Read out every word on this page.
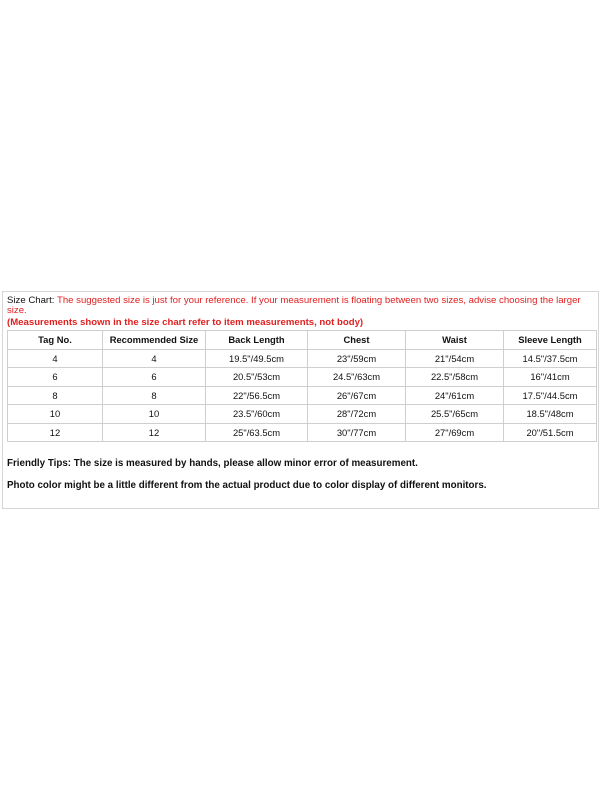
Size Chart: The suggested size is just for your reference. If your measurement is floating between two sizes, advise choosing the larger size.
(Measurements shown in the size chart refer to item measurements, not body)
Tag No.	Recommended Size	Back Length	Chest	Waist	Sleeve Length
4	4	19.5"/49.5cm	23"/59cm	21"/54cm	14.5"/37.5cm
6	6	20.5"/53cm	24.5"/63cm	22.5"/58cm	16"/41cm
8	8	22"/56.5cm	26"/67cm	24"/61cm	17.5"/44.5cm
10	10	23.5"/60cm	28"/72cm	25.5"/65cm	18.5"/48cm
12	12	25"/63.5cm	30"/77cm	27"/69cm	20"/51.5cm
Friendly Tips: The size is measured by hands, please allow minor error of measurement.
Photo color might be a little different from the actual product due to color display of different monitors.
